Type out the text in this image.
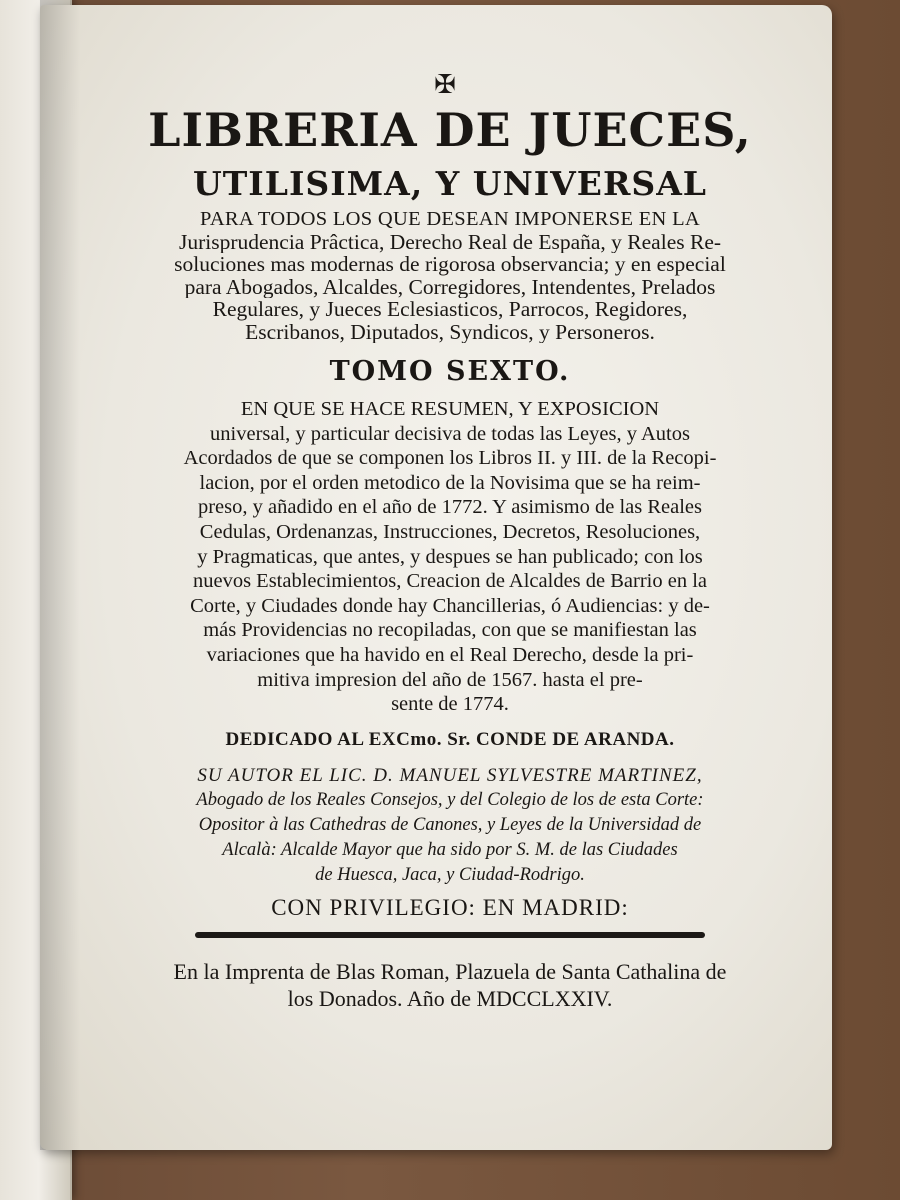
✠
LIBRERIA DE JUECES,
UTILISIMA, Y UNIVERSAL
PARA TODOS LOS QUE DESEAN IMPONERSE EN LA
Jurisprudencia Prâctica, Derecho Real de España, y Reales Re-
soluciones mas modernas de rigorosa observancia; y en especial
para Abogados, Alcaldes, Corregidores, Intendentes, Prelados
Regulares, y Jueces Eclesiasticos, Parrocos, Regidores,
Escribanos, Diputados, Syndicos, y Personeros.
TOMO SEXTO.
EN QUE SE HACE RESUMEN, Y EXPOSICION
universal, y particular decisiva de todas las Leyes, y Autos
Acordados de que se componen los Libros II. y III. de la Recopi-
lacion, por el orden metodico de la Novisima que se ha reim-
preso, y añadido en el año de 1772. Y asimismo de las Reales
Cedulas, Ordenanzas, Instrucciones, Decretos, Resoluciones,
y Pragmaticas, que antes, y despues se han publicado; con los
nuevos Establecimientos, Creacion de Alcaldes de Barrio en la
Corte, y Ciudades donde hay Chancillerias, ó Audiencias: y de-
más Providencias no recopiladas, con que se manifiestan las
variaciones que ha havido en el Real Derecho, desde la pri-
mitiva impresion del año de 1567. hasta el pre-
sente de 1774.
DEDICADO AL EXCmo. Sr. CONDE DE ARANDA.
SU AUTOR EL LIC. D. MANUEL SYLVESTRE MARTINEZ,
Abogado de los Reales Consejos, y del Colegio de los de esta Corte:
Opositor à las Cathedras de Canones, y Leyes de la Universidad de
Alcalà: Alcalde Mayor que ha sido por S. M. de las Ciudades
de Huesca, Jaca, y Ciudad-Rodrigo.
CON PRIVILEGIO: EN MADRID:
En la Imprenta de Blas Roman, Plazuela de Santa Cathalina de
los Donados. Año de MDCCLXXIV.
